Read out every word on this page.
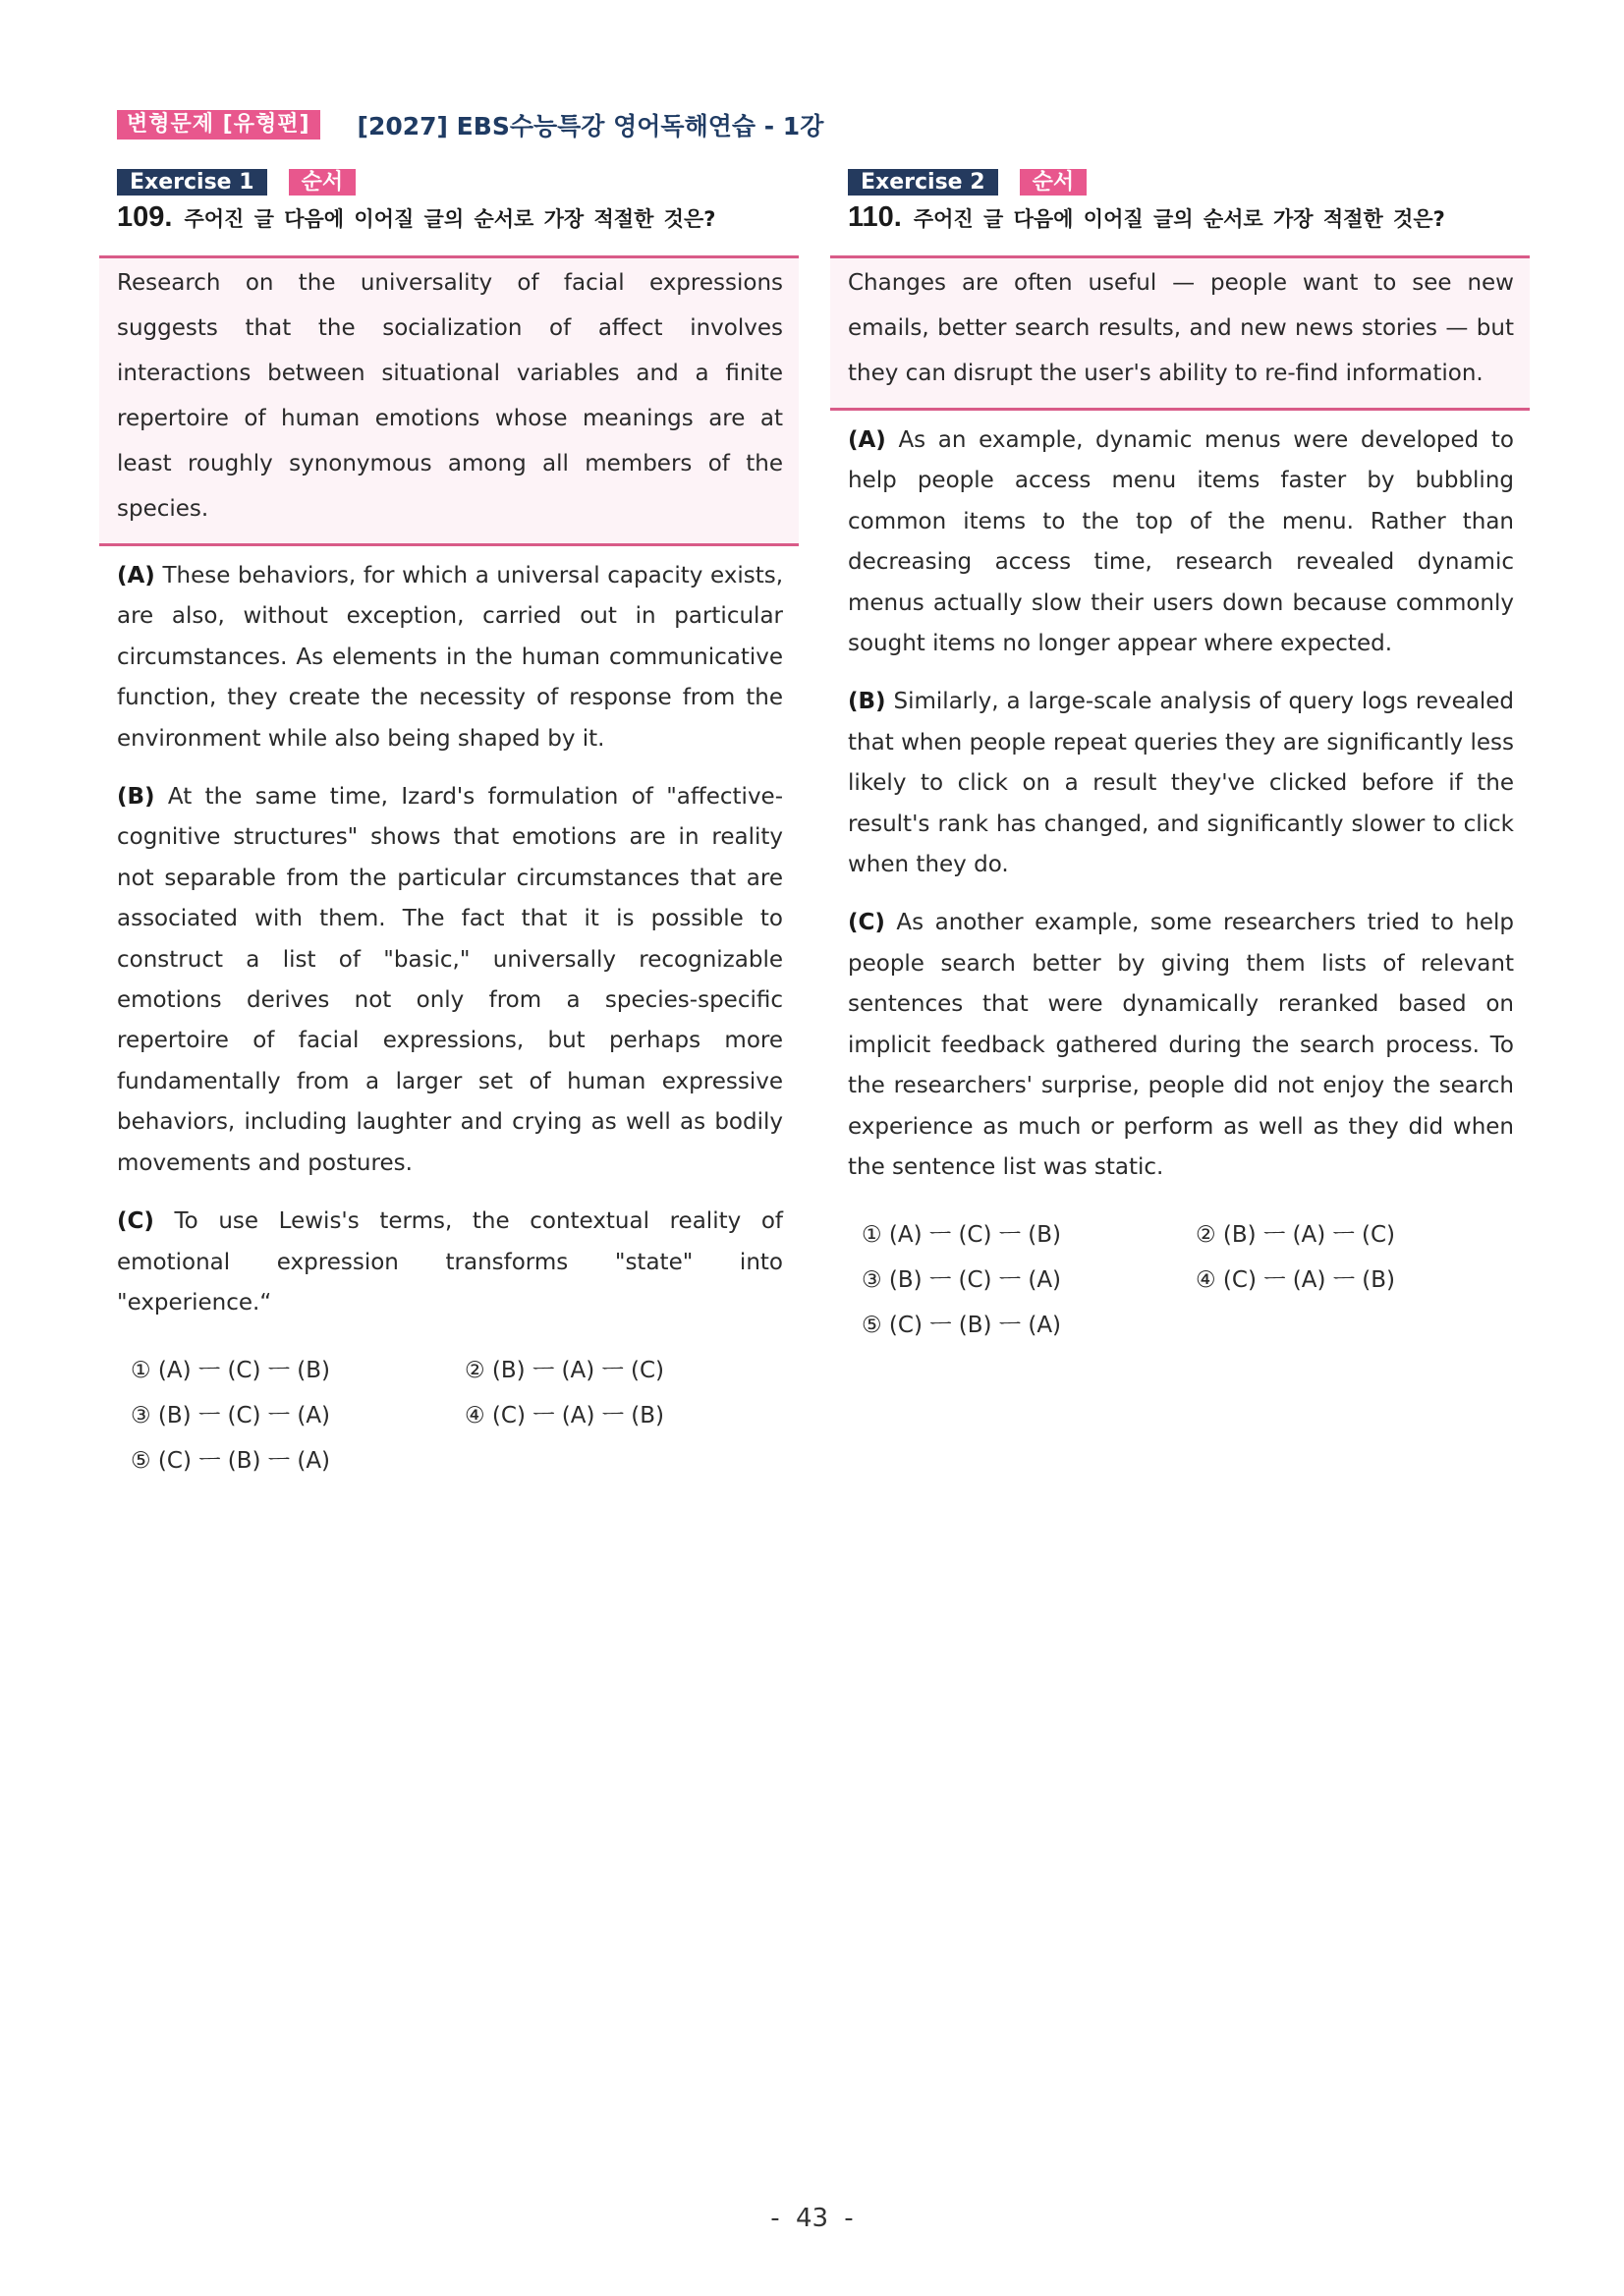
변형문제 [유형편]	[2027] EBS수능특강 영어독해연습 - 1강
Exercise 1	순서
109. 주어진 글 다음에 이어질 글의 순서로 가장 적절한 것은?

Research on the universality of facial expressions suggests that the socialization of affect involves interactions between situational variables and a finite repertoire of human emotions whose meanings are at least roughly synonymous among all members of the species.

(A) These behaviors, for which a universal capacity exists, are also, without exception, carried out in particular circumstances. As elements in the human communicative function, they create the necessity of response from the environment while also being shaped by it.

(B) At the same time, Izard's formulation of "affective-cognitive structures" shows that emotions are in reality not separable from the particular circumstances that are associated with them. The fact that it is possible to construct a list of "basic," universally recognizable emotions derives not only from a species-specific repertoire of facial expressions, but perhaps more fundamentally from a larger set of human expressive behaviors, including laughter and crying as well as bodily movements and postures.

(C) To use Lewis's terms, the contextual reality of emotional expression transforms "state" into "experience.“

① (A) ㅡ (C) ㅡ (B)	② (B) ㅡ (A) ㅡ (C)
③ (B) ㅡ (C) ㅡ (A)	④ (C) ㅡ (A) ㅡ (B)
⑤ (C) ㅡ (B) ㅡ (A)
Exercise 2	순서
110. 주어진 글 다음에 이어질 글의 순서로 가장 적절한 것은?

Changes are often useful — people want to see new emails, better search results, and new news stories — but they can disrupt the user's ability to re-find information.

(A) As an example, dynamic menus were developed to help people access menu items faster by bubbling common items to the top of the menu. Rather than decreasing access time, research revealed dynamic menus actually slow their users down because commonly sought items no longer appear where expected.

(B) Similarly, a large-scale analysis of query logs revealed that when people repeat queries they are significantly less likely to click on a result they've clicked before if the result's rank has changed, and significantly slower to click when they do.

(C) As another example, some researchers tried to help people search better by giving them lists of relevant sentences that were dynamically reranked based on implicit feedback gathered during the search process. To the researchers' surprise, people did not enjoy the search experience as much or perform as well as they did when the sentence list was static.

① (A) ㅡ (C) ㅡ (B)	② (B) ㅡ (A) ㅡ (C)
③ (B) ㅡ (C) ㅡ (A)	④ (C) ㅡ (A) ㅡ (B)
⑤ (C) ㅡ (B) ㅡ (A)
- 43 -
